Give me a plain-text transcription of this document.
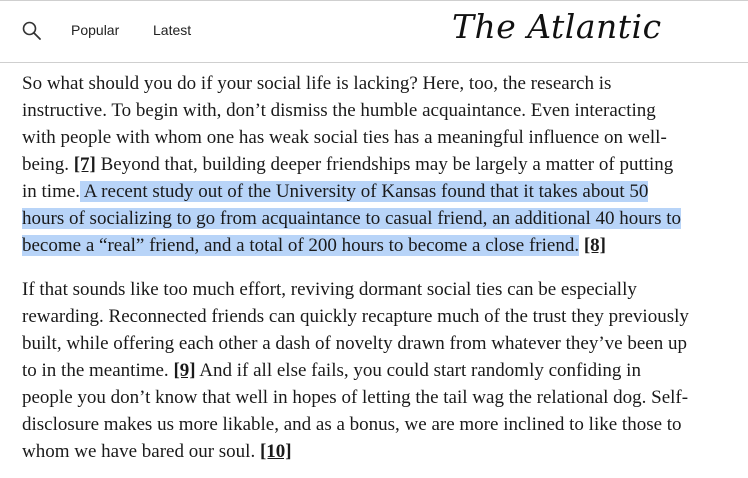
Popular Latest	The Atlantic

So what should you do if your social life is lacking? Here, too, the research is
instructive. To begin with, don’t dismiss the humble acquaintance. Even interacting
with people with whom one has weak social ties has a meaningful influence on well-
being. [7] Beyond that, building deeper friendships may be largely a matter of putting
in time. A recent study out of the University of Kansas found that it takes about 50
hours of socializing to go from acquaintance to casual friend, an additional 40 hours to
become a “real” friend, and a total of 200 hours to become a close friend. [8]

If that sounds like too much effort, reviving dormant social ties can be especially
rewarding. Reconnected friends can quickly recapture much of the trust they previously
built, while offering each other a dash of novelty drawn from whatever they’ve been up
to in the meantime. [9] And if all else fails, you could start randomly confiding in
people you don’t know that well in hopes of letting the tail wag the relational dog. Self-
disclosure makes us more likable, and as a bonus, we are more inclined to like those to
whom we have bared our soul. [10]
